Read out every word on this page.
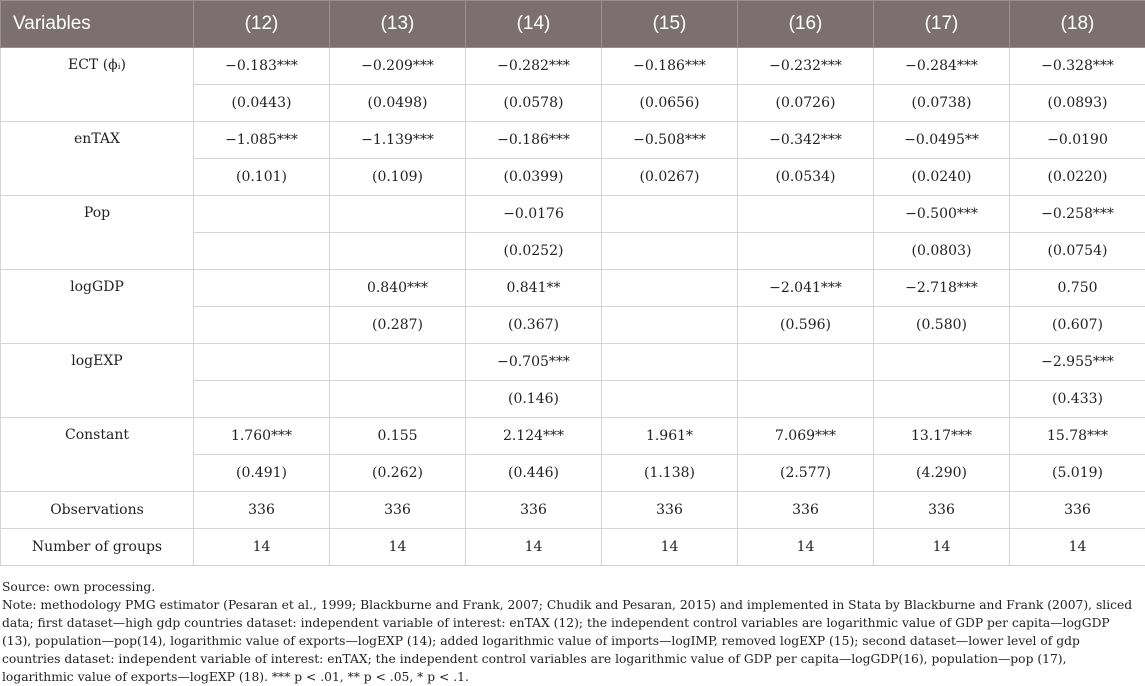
Variables	(12)	(13)	(14)	(15)	(16)	(17)	(18)
ECT (ϕᵢ)	−0.183***	−0.209***	−0.282***	−0.186***	−0.232***	−0.284***	−0.328***
	(0.0443)	(0.0498)	(0.0578)	(0.0656)	(0.0726)	(0.0738)	(0.0893)
enTAX	−1.085***	−1.139***	−0.186***	−0.508***	−0.342***	−0.0495**	−0.0190
	(0.101)	(0.109)	(0.0399)	(0.0267)	(0.0534)	(0.0240)	(0.0220)
Pop			−0.0176			−0.500***	−0.258***
			(0.0252)			(0.0803)	(0.0754)
logGDP		0.840***	0.841**		−2.041***	−2.718***	0.750
		(0.287)	(0.367)		(0.596)	(0.580)	(0.607)
logEXP			−0.705***				−2.955***
			(0.146)				(0.433)
Constant	1.760***	0.155	2.124***	1.961*	7.069***	13.17***	15.78***
	(0.491)	(0.262)	(0.446)	(1.138)	(2.577)	(4.290)	(5.019)
Observations	336	336	336	336	336	336	336
Number of groups	14	14	14	14	14	14	14

Source: own processing.

Note: methodology PMG estimator (Pesaran et al., 1999; Blackburne and Frank, 2007; Chudik and Pesaran, 2015) and implemented in Stata by Blackburne and Frank (2007), sliced data; first dataset—high gdp countries dataset: independent variable of interest: enTAX (12); the independent control variables are logarithmic value of GDP per capita—logGDP (13), population—pop(14), logarithmic value of exports—logEXP (14); added logarithmic value of imports—logIMP, removed logEXP (15); second dataset—lower level of gdp countries dataset: independent variable of interest: enTAX; the independent control variables are logarithmic value of GDP per capita—logGDP(16), population—pop (17), logarithmic value of exports—logEXP (18). *** p < .01, ** p < .05, * p < .1.
